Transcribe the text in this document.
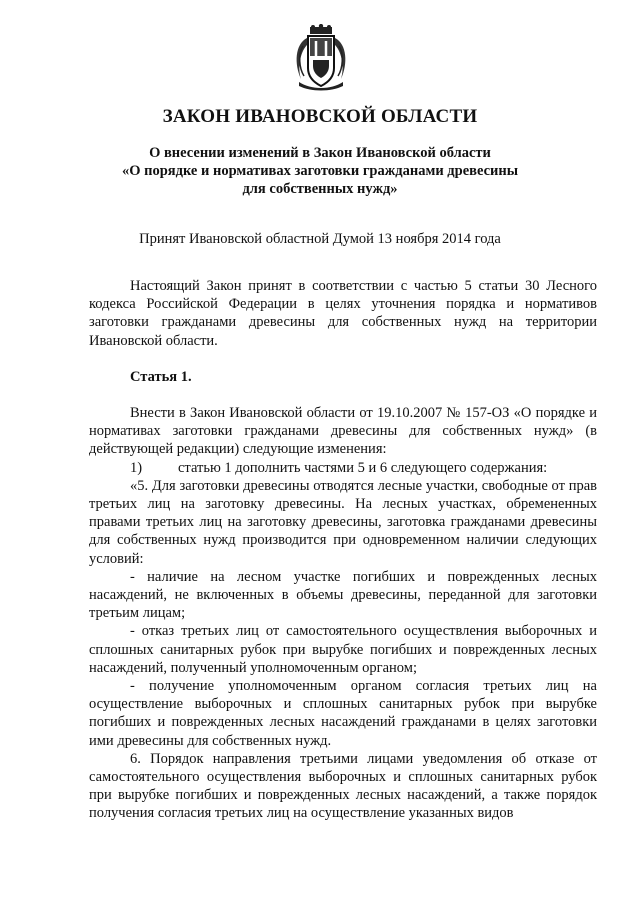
ЗАКОН ИВАНОВСКОЙ ОБЛАСТИ
О внесении изменений в Закон Ивановской области
«О порядке и нормативах заготовки гражданами древесины
для собственных нужд»
Принят Ивановской областной Думой 13 ноября 2014 года

Настоящий Закон принят в соответствии с частью 5 статьи 30 Лесного кодекса Российской Федерации в целях уточнения порядка и нормативов заготовки гражданами древесины для собственных нужд на территории Ивановской области.

Статья 1.

Внести в Закон Ивановской области от 19.10.2007 № 157-ОЗ «О порядке и нормативах заготовки гражданами древесины для собственных нужд» (в действующей редакции) следующие изменения:

1)	статью 1 дополнить частями 5 и 6 следующего содержания:

«5. Для заготовки древесины отводятся лесные участки, свободные от прав третьих лиц на заготовку древесины. На лесных участках, обремененных правами третьих лиц на заготовку древесины, заготовка гражданами древесины для собственных нужд производится при одновременном наличии следующих условий:

- наличие на лесном участке погибших и поврежденных лесных насаждений, не включенных в объемы древесины, переданной для заготовки третьим лицам;

- отказ третьих лиц от самостоятельного осуществления выборочных и сплошных санитарных рубок при вырубке погибших и поврежденных лесных насаждений, полученный уполномоченным органом;

- получение уполномоченным органом согласия третьих лиц на осуществление выборочных и сплошных санитарных рубок при вырубке погибших и поврежденных лесных насаждений гражданами в целях заготовки ими древесины для собственных нужд.

6. Порядок направления третьими лицами уведомления об отказе от самостоятельного осуществления выборочных и сплошных санитарных рубок при вырубке погибших и поврежденных лесных насаждений, а также порядок получения согласия третьих лиц на осуществление указанных видов
